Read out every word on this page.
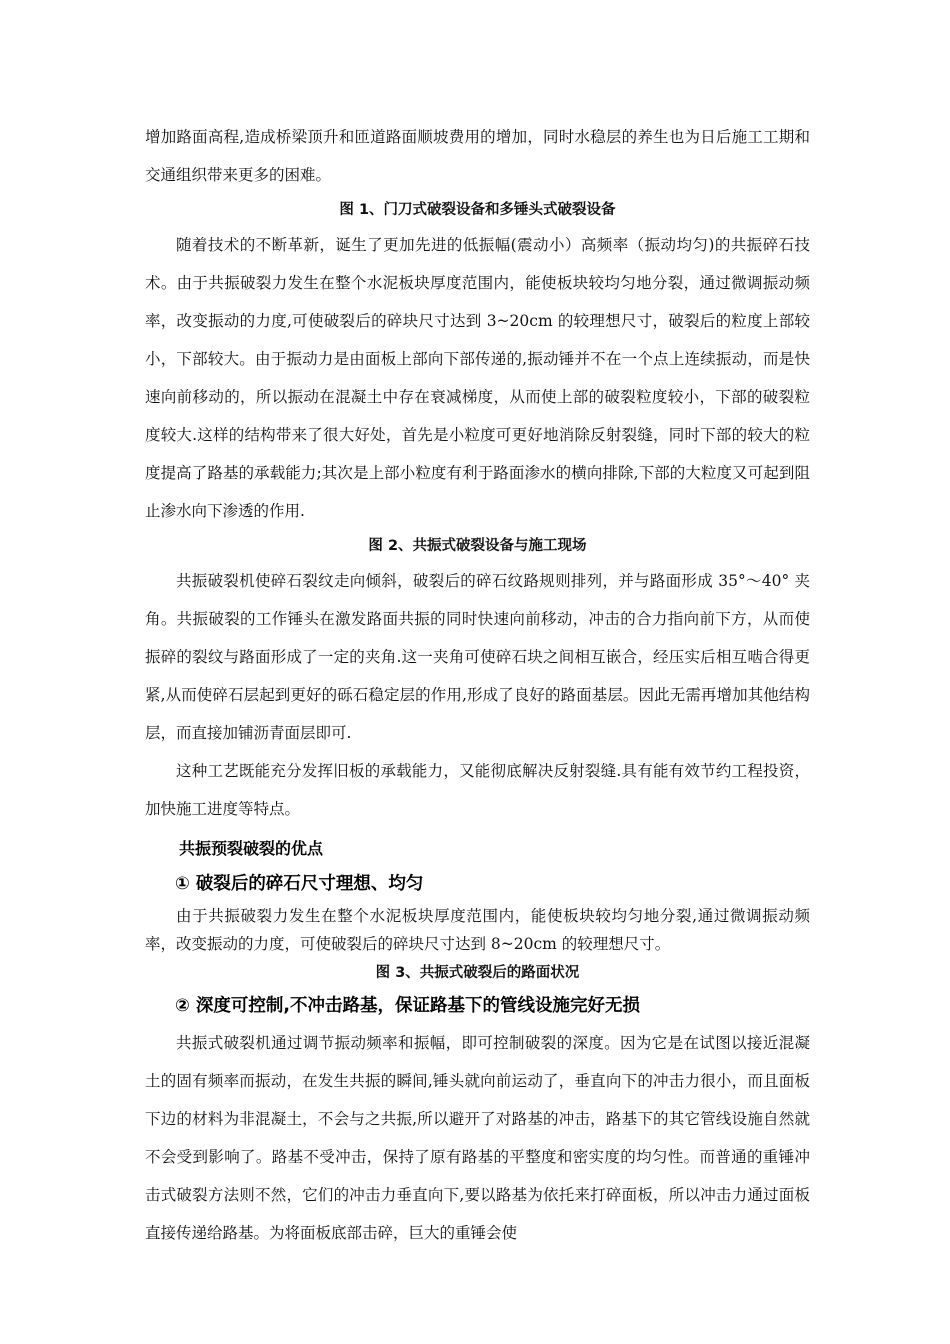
增加路面高程,造成桥梁顶升和匝道路面顺坡费用的增加，同时水稳层的养生也为日后施工工期和交通组织带来更多的困难。

图 1、门刀式破裂设备和多锤头式破裂设备

随着技术的不断革新，诞生了更加先进的低振幅(震动小）高频率（振动均匀)的共振碎石技术。由于共振破裂力发生在整个水泥板块厚度范围内，能使板块较均匀地分裂，通过微调振动频率，改变振动的力度,可使破裂后的碎块尺寸达到 3~20cm 的较理想尺寸，破裂后的粒度上部较小，下部较大。由于振动力是由面板上部向下部传递的,振动锤并不在一个点上连续振动，而是快速向前移动的，所以振动在混凝土中存在衰减梯度，从而使上部的破裂粒度较小，下部的破裂粒度较大.这样的结构带来了很大好处，首先是小粒度可更好地消除反射裂缝，同时下部的较大的粒度提高了路基的承载能力;其次是上部小粒度有利于路面渗水的横向排除,下部的大粒度又可起到阻止渗水向下渗透的作用.

图 2、共振式破裂设备与施工现场

共振破裂机使碎石裂纹走向倾斜，破裂后的碎石纹路规则排列，并与路面形成 35°～40° 夹角。共振破裂的工作锤头在激发路面共振的同时快速向前移动，冲击的合力指向前下方，从而使振碎的裂纹与路面形成了一定的夹角.这一夹角可使碎石块之间相互嵌合，经压实后相互啮合得更紧,从而使碎石层起到更好的砾石稳定层的作用,形成了良好的路面基层。因此无需再增加其他结构层，而直接加铺沥青面层即可.

这种工艺既能充分发挥旧板的承载能力，又能彻底解决反射裂缝.具有能有效节约工程投资，加快施工进度等特点。

共振预裂破裂的优点
① 破裂后的碎石尺寸理想、均匀

由于共振破裂力发生在整个水泥板块厚度范围内，能使板块较均匀地分裂,通过微调振动频率，改变振动的力度，可使破裂后的碎块尺寸达到 8~20cm 的较理想尺寸。

图 3、共振式破裂后的路面状况

② 深度可控制,不冲击路基，保证路基下的管线设施完好无损

共振式破裂机通过调节振动频率和振幅，即可控制破裂的深度。因为它是在试图以接近混凝土的固有频率而振动，在发生共振的瞬间,锤头就向前运动了，垂直向下的冲击力很小，而且面板下边的材料为非混凝土，不会与之共振,所以避开了对路基的冲击，路基下的其它管线设施自然就不会受到影响了。路基不受冲击，保持了原有路基的平整度和密实度的均匀性。而普通的重锤冲击式破裂方法则不然，它们的冲击力垂直向下,要以路基为依托来打碎面板，所以冲击力通过面板直接传递给路基。为将面板底部击碎，巨大的重锤会使
